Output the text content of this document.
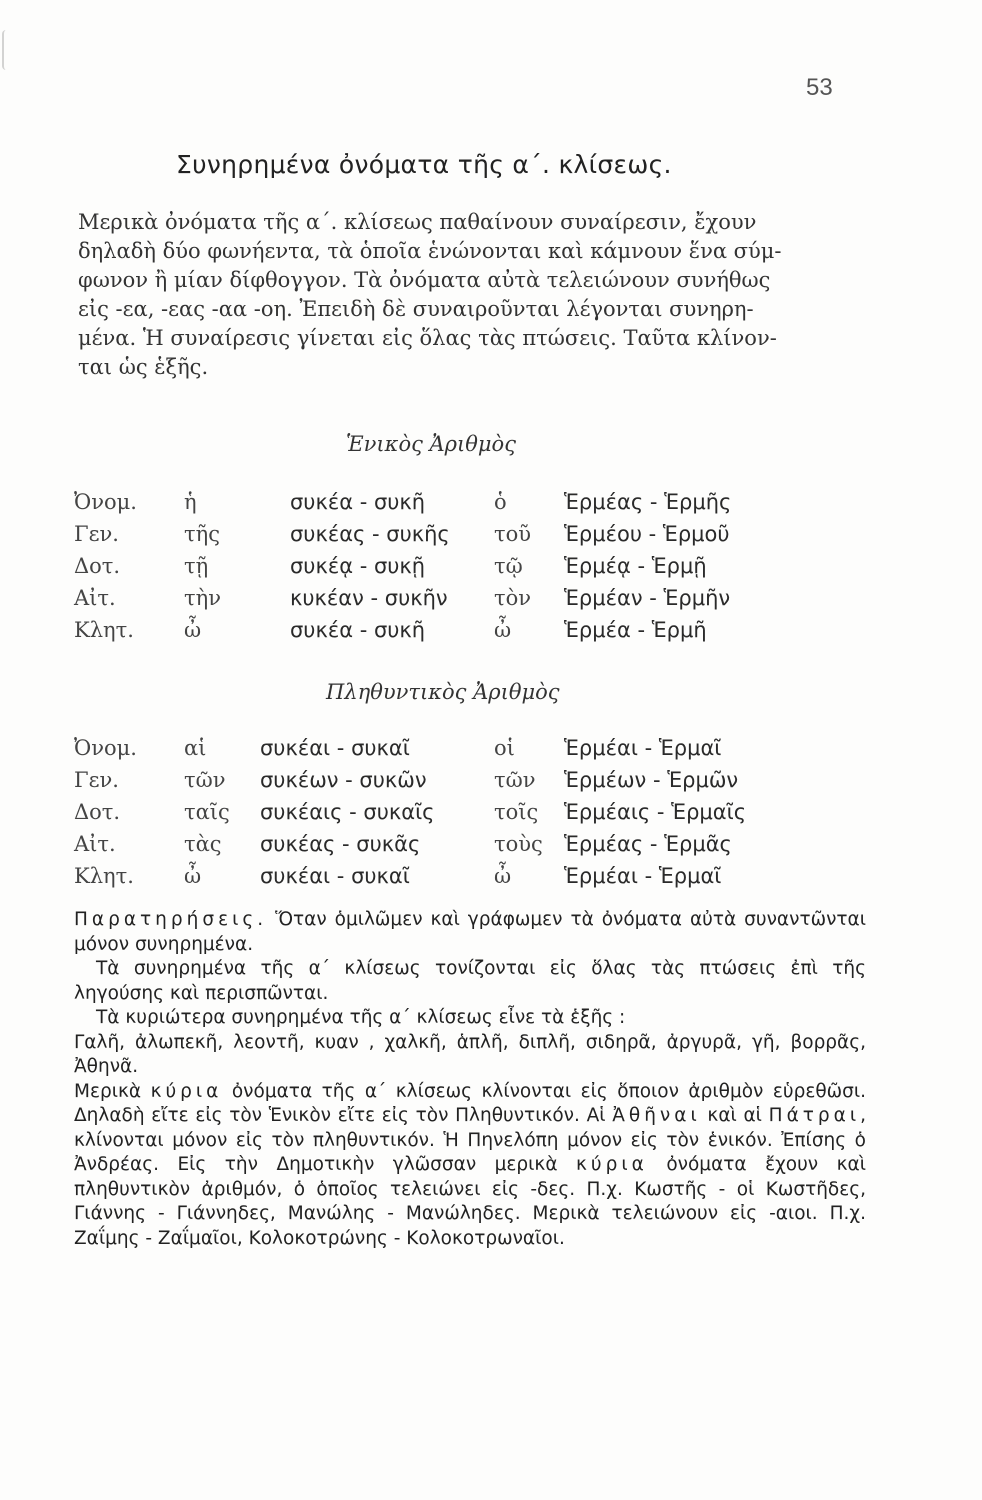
53
Συνηρημένα ὀνόματα τῆς α΄. κλίσεως.

Μερικὰ ὀνόματα τῆς α΄. κλίσεως παθαίνουν συναίρεσιν, ἔχουν

δηλαδὴ δύο φωνήεντα, τὰ ὁποῖα ἑνώνονται καὶ κάμνουν ἕνα σύμ-

φωνον ἢ μίαν δίφθογγον. Τὰ ὀνόματα αὐτὰ τελειώνουν συνήθως

εἰς -εα, -εας -αα -οη. Ἐπειδὴ δὲ συναιροῦνται λέγονται συνηρη-

μένα. Ἡ συναίρεσις γίνεται εἰς ὅλας τὰς πτώσεις. Ταῦτα κλίνον-

ται ὡς ἑξῆς.

Ἑνικὸς Ἀριθμὸς
Ὀνομ. ἡ	συκέα - συκῆ	ὁ	Ἑρμέας - Ἑρμῆς
Γεν.	τῆς	συκέας - συκῆς τοῦ Ἑρμέου - Ἑρμοῦ
Δοτ.	τῇ	συκέᾳ - συκῇ	τῷ Ἑρμέᾳ - Ἑρμῇ
Αἰτ.	τὴν	κυκέαν - συκῆν τὸν Ἑρμέαν - Ἑρμῆν
Κλητ. ὦ	συκέα - συκῆ	ὦ	Ἑρμέα - Ἑρμῆ
Πληθυντικὸς Ἀριθμὸς
Ὀνομ. αἱ	συκέαι - συκαῖ	οἱ Ἑρμέαι - Ἑρμαῖ
Γεν.	τῶν συκέων - συκῶν	τῶν Ἑρμέων - Ἑρμῶν
Δοτ.	ταῖς συκέαις - συκαῖς	τοῖς Ἑρμέαις - Ἑρμαῖς
Αἰτ.	τὰς συκέας - συκᾶς	τοὺς Ἑρμέας - Ἑρμᾶς
Κλητ. ὦ	συκέαι - συκαῖ	ὦ	Ἑρμέαι - Ἑρμαῖ

Παρατηρήσεις. Ὅταν ὁμιλῶμεν καὶ γράφωμεν τὰ ὀνόματα αὐτὰ συναντῶνται μόνον συνηρημένα.

Τὰ συνηρημένα τῆς α΄ κλίσεως τονίζονται εἰς ὅλας τὰς πτώσεις ἐπὶ τῆς ληγούσης καὶ περισπῶνται.

Τὰ κυριώτερα συνηρημένα τῆς α΄ κλίσεως εἶνε τὰ ἑξῆς :

Γαλῆ, ἀλωπεκῆ, λεοντῆ, κυαν , χαλκῆ, ἁπλῆ, διπλῆ, σιδηρᾶ, ἀργυρᾶ, γῆ, βορρᾶς, Ἀθηνᾶ.

Μερικὰ κύρια ὀνόματα τῆς α΄ κλίσεως κλίνονται εἰς ὅποιον ἀριθμὸν εὑρεθῶσι. Δηλαδὴ εἴτε εἰς τὸν Ἑνικὸν εἴτε εἰς τὸν Πληθυντικόν. Αἱ Ἀθῆναι καὶ αἱ Πάτραι, κλίνονται μόνον εἰς τὸν πληθυντικόν. Ἡ Πηνελόπη μόνον εἰς τὸν ἑνικόν. Ἐπίσης ὁ Ἀνδρέας. Εἰς τὴν Δημοτικὴν γλῶσσαν μερικὰ κύρια ὀνόματα ἔχουν καὶ πληθυντικὸν ἀριθμόν, ὁ ὁποῖος τελειώνει εἰς -δες. Π.χ. Κωστῆς - οἱ Κωστῆδες, Γιάννης - Γιάννηδες, Μανώλης - Μανώληδες. Μερικὰ τελειώνουν εἰς -αιοι. Π.χ. Ζαΐμης - Ζαΐμαῖοι, Κολοκοτρώνης - Κολοκοτρωναῖοι.
